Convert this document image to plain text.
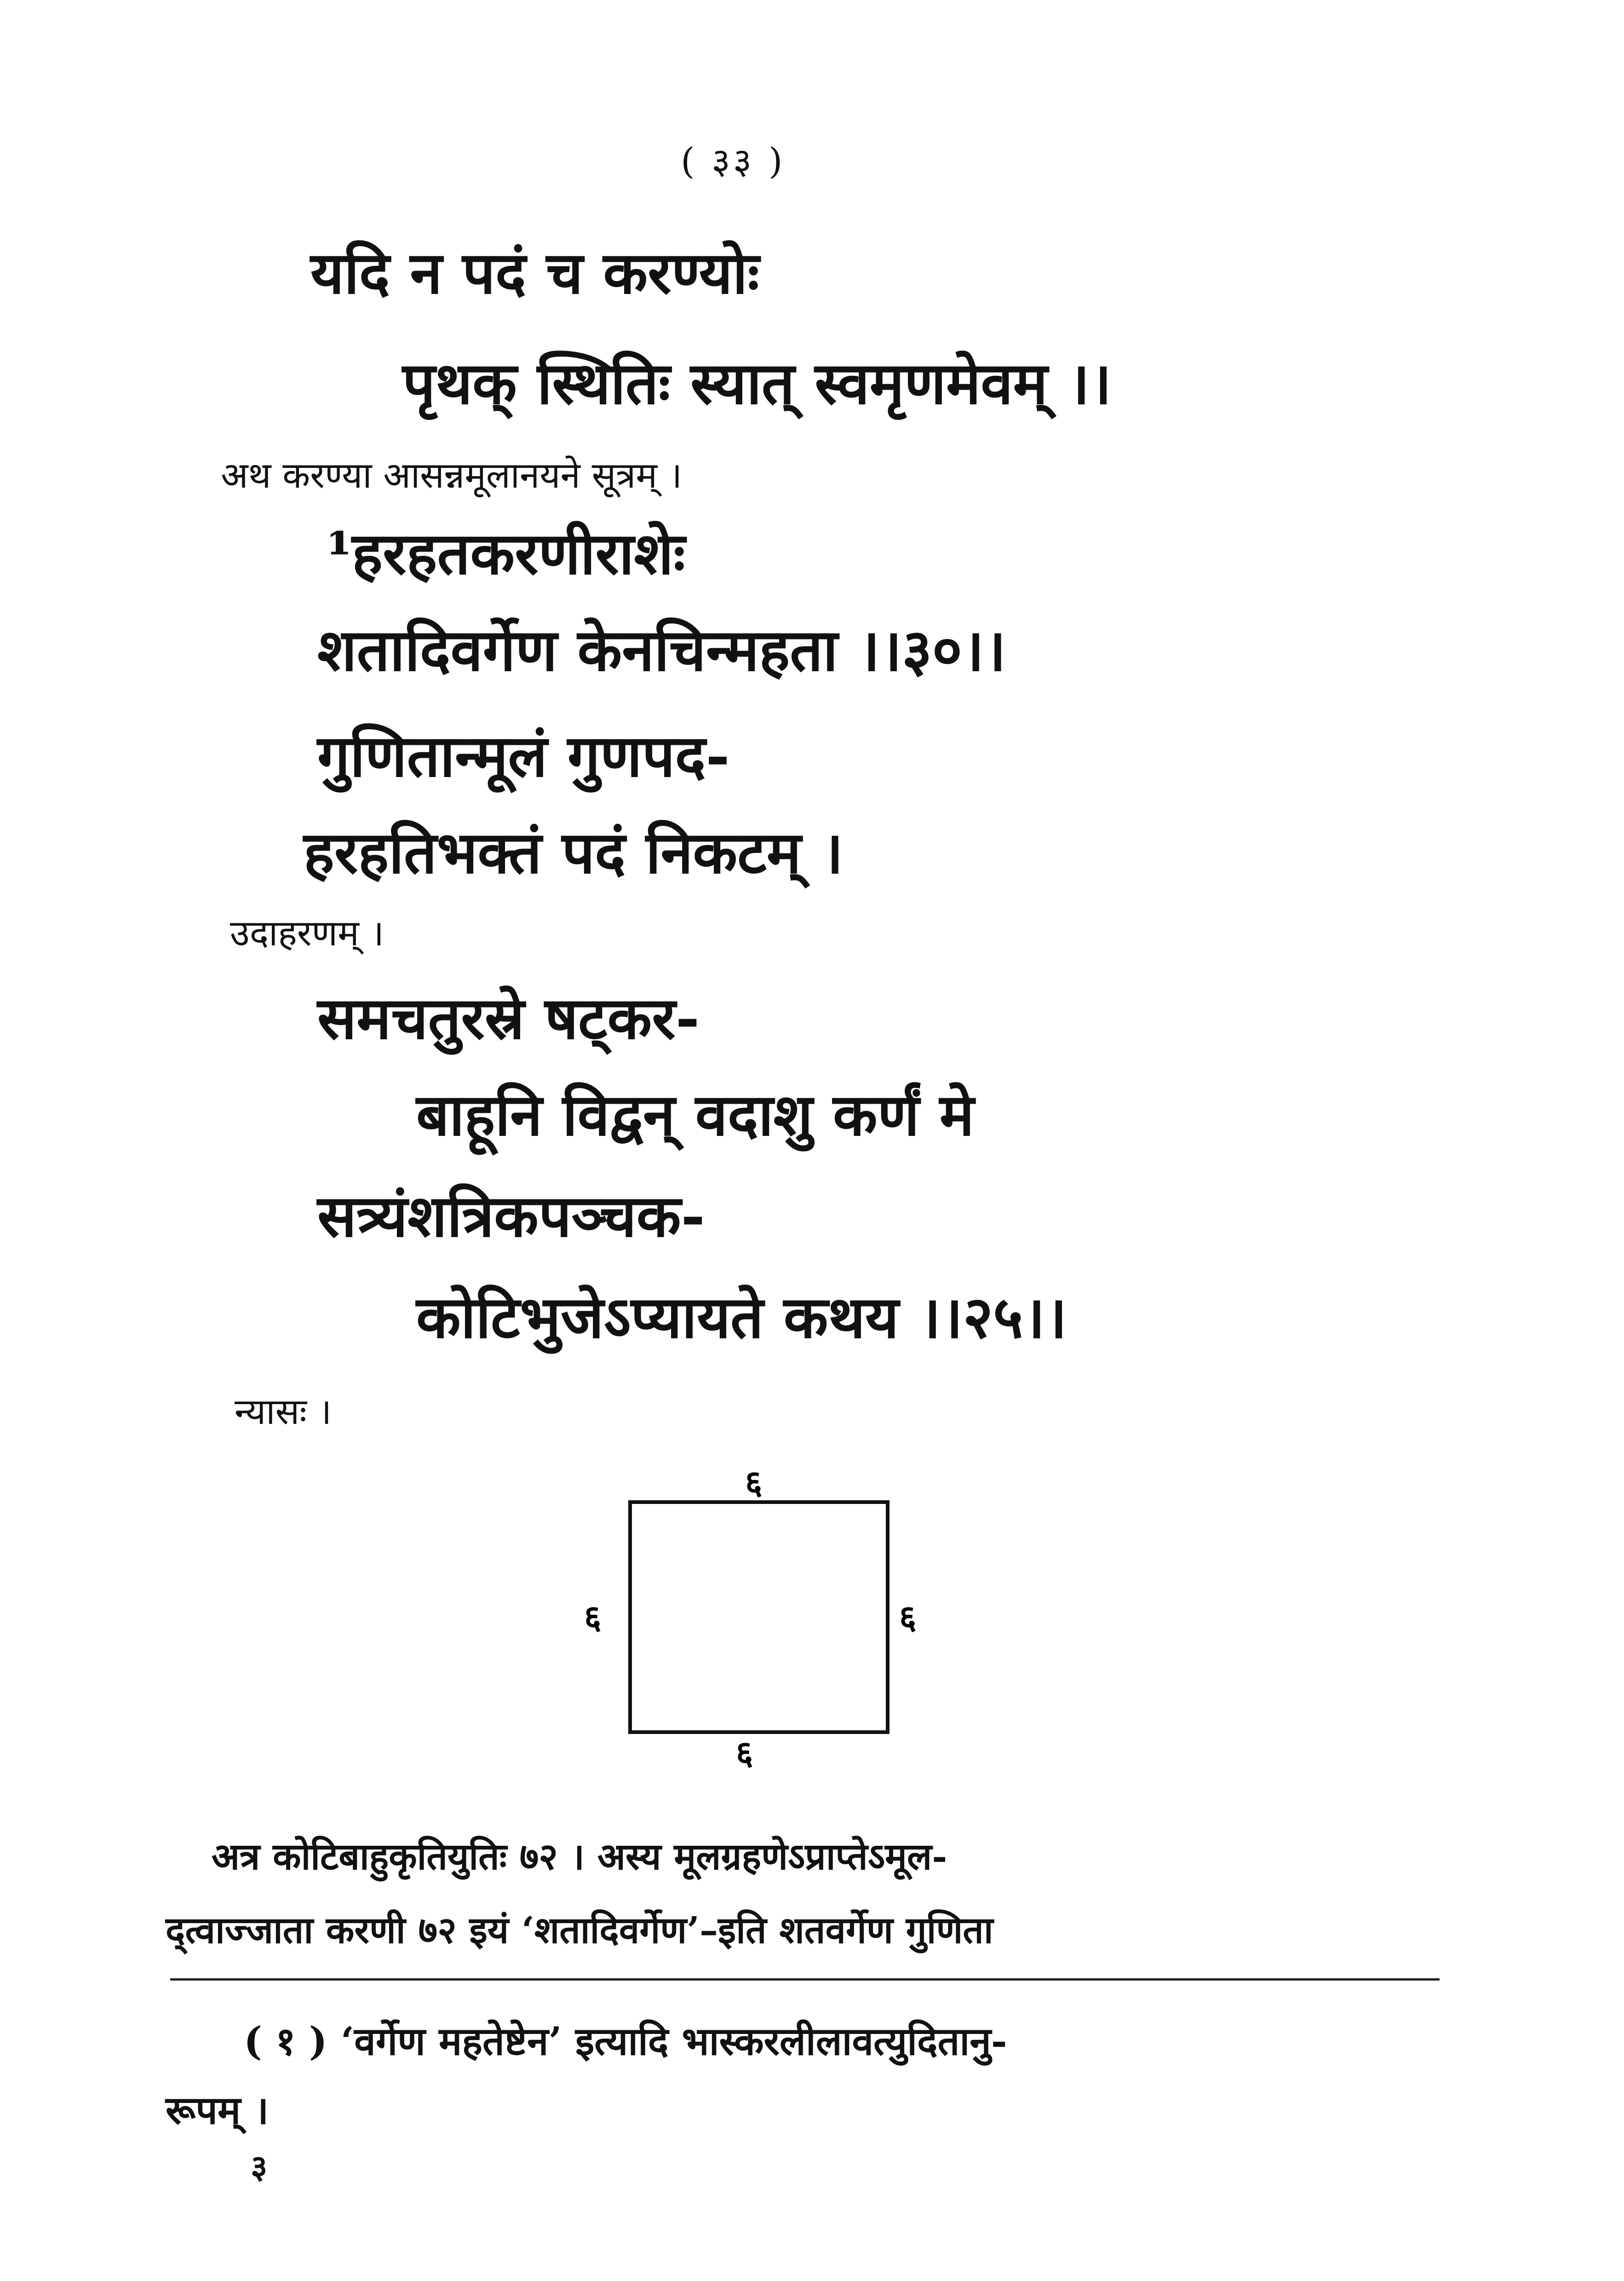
( ३३ )
यदि न पदं च करण्योः
पृथक् स्थितिः स्यात् स्वमृणमेवम् ।।
अथ करण्या आसन्नमूलानयने सूत्रम् ।
¹हरहतकरणीराशेः
शतादिवर्गेण केनचिन्महता ।।३०।।
गुणितान्मूलं गुणपद-
हरहतिभक्तं पदं निकटम् ।
उदाहरणम् ।
समचतुरस्रे षट्कर-
बाहूनि विद्वन् वदाशु कर्णं मे
सत्र्यंशत्रिकपञ्चक-
कोटिभुजेऽप्यायते कथय ।।२५।।
न्यासः ।
६
६	६
६
अत्र कोटिबाहुकृतियुतिः ७२ । अस्य मूलग्रहणेऽप्राप्तेऽमूल-
द्त्वाज्जाता करणी ७२ इयं ‘शतादिवर्गेण’–इति शतवर्गेण गुणिता
( १ ) ‘वर्गेण महतेष्टेन’ इत्यादि भास्करलीलावत्युदितानु-
रूपम् ।
३
